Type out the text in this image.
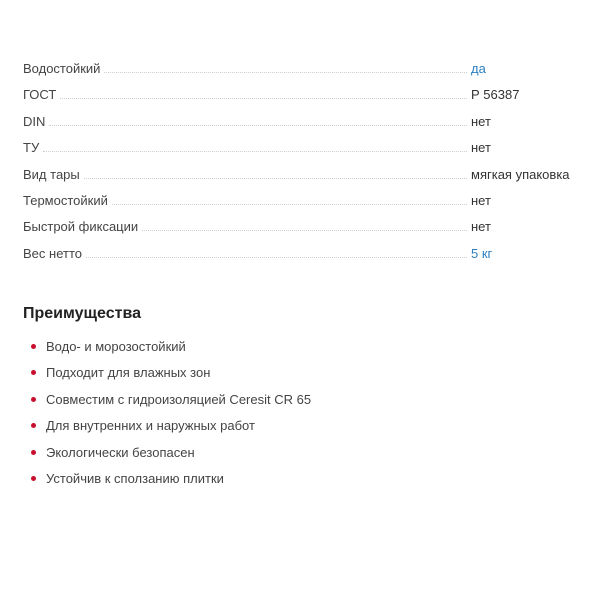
Водостойкий	да
ГОСТ	Р 56387
DIN	нет
ТУ	нет
Вид тары	мягкая упаковка
Термостойкий	нет
Быстрой фиксации	нет
Вес нетто	5 кг
Преимущества
Водо- и морозостойкий
Подходит для влажных зон
Совместим с гидроизоляцией Ceresit CR 65
Для внутренних и наружных работ
Экологически безопасен
Устойчив к сползанию плитки
